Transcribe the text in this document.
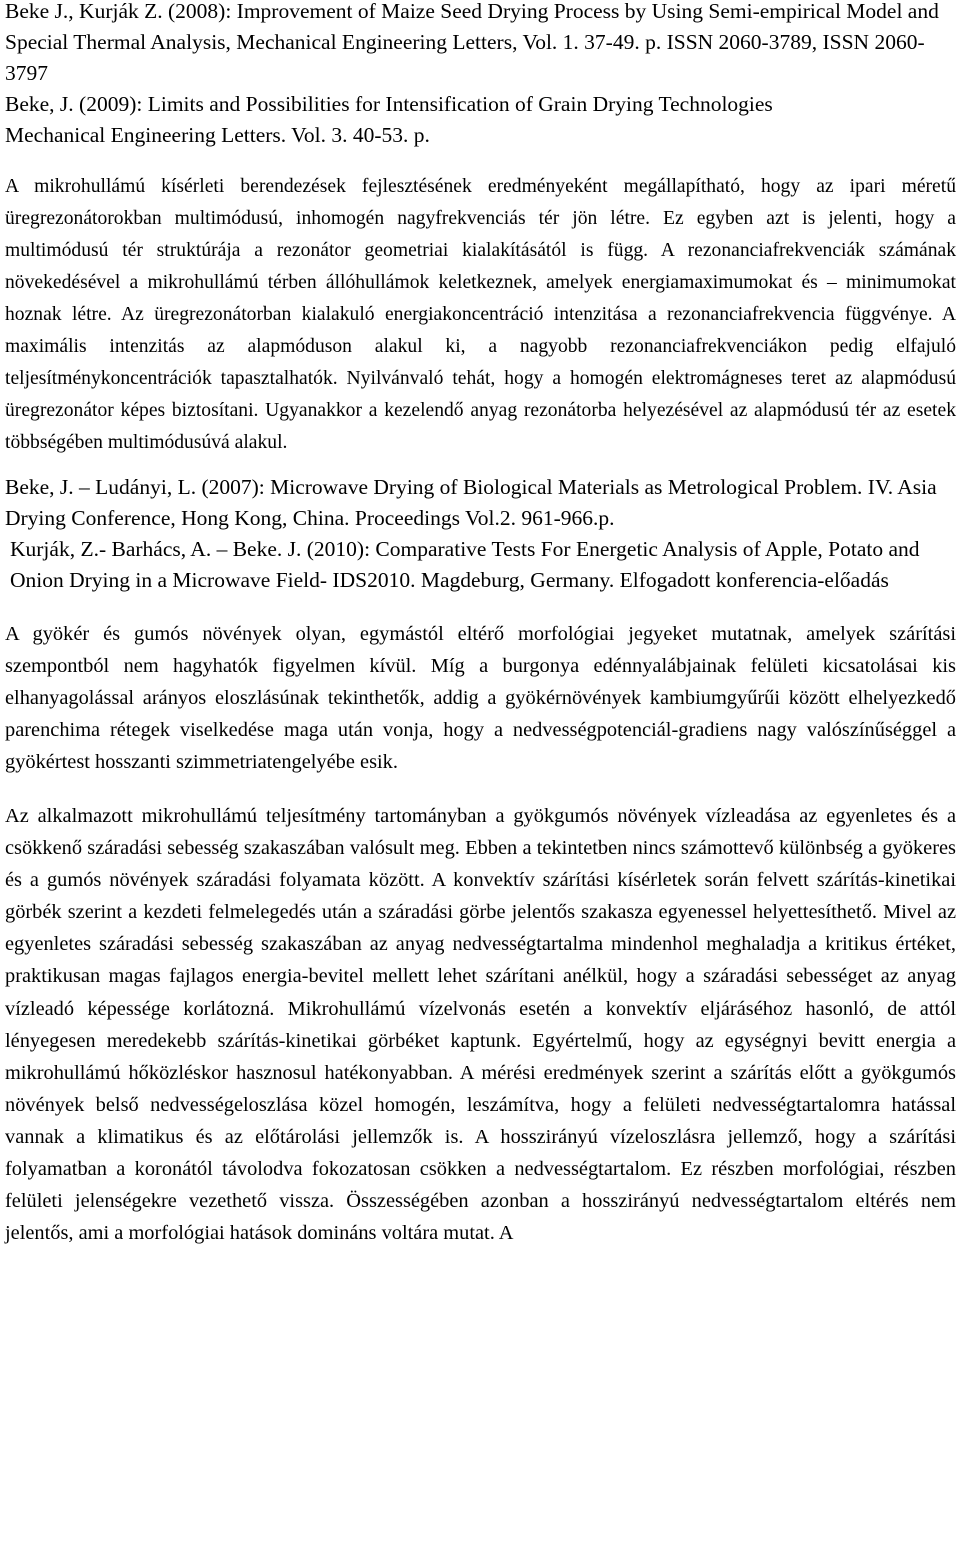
Beke J., Kurják Z. (2008): Improvement of Maize Seed Drying Process by Using Semi-empirical Model and Special Thermal Analysis, Mechanical Engineering Letters, Vol. 1. 37-49. p. ISSN 2060-3789, ISSN 2060-3797

Beke, J. (2009): Limits and Possibilities for Intensification of Grain Drying Technologies

Mechanical Engineering Letters. Vol. 3. 40-53. p.

A mikrohullámú kísérleti berendezések fejlesztésének eredményeként megállapítható, hogy az ipari méretű üregrezonátorokban multimódusú, inhomogén nagyfrekvenciás tér jön létre. Ez egyben azt is jelenti, hogy a multimódusú tér struktúrája a rezonátor geometriai kialakításától is függ. A rezonanciafrekvenciák számának növekedésével a mikrohullámú térben állóhullámok keletkeznek, amelyek energiamaximumokat és – minimumokat hoznak létre. Az üregrezonátorban kialakuló energiakoncentráció intenzitása a rezonanciafrekvencia függvénye. A maximális intenzitás az alapmóduson alakul ki, a nagyobb rezonanciafrekvenciákon pedig elfajuló teljesítménykoncentrációk tapasztalhatók. Nyilvánvaló tehát, hogy a homogén elektromágneses teret az alapmódusú üregrezonátor képes biztosítani. Ugyanakkor a kezelendő anyag rezonátorba helyezésével az alapmódusú tér az esetek többségében multimódusúvá alakul.

Beke, J. – Ludányi, L. (2007): Microwave Drying of Biological Materials as Metrological Problem. IV. Asia Drying Conference, Hong Kong, China. Proceedings Vol.2. 961-966.p.

Kurják, Z.- Barhács, A. – Beke. J. (2010): Comparative Tests For Energetic Analysis of Apple, Potato and Onion Drying in a Microwave Field- IDS2010. Magdeburg, Germany. Elfogadott konferencia-előadás

A gyökér és gumós növények olyan, egymástól eltérő morfológiai jegyeket mutatnak, amelyek szárítási szempontból nem hagyhatók figyelmen kívül. Míg a burgonya edénnyalábjainak felületi kicsatolásai kis elhanyagolással arányos eloszlásúnak tekinthetők, addig a gyökérnövények kambiumgyűrűi között elhelyezkedő parenchima rétegek viselkedése maga után vonja, hogy a nedvességpotenciál-gradiens nagy valószínűséggel a gyökértest hosszanti szimmetriatengelyébe esik.

Az alkalmazott mikrohullámú teljesítmény tartományban a gyökgumós növények vízleadása az egyenletes és a csökkenő száradási sebesség szakaszában valósult meg. Ebben a tekintetben nincs számottevő különbség a gyökeres és a gumós növények száradási folyamata között. A konvektív szárítási kísérletek során felvett szárítás-kinetikai görbék szerint a kezdeti felmelegedés után a száradási görbe jelentős szakasza egyenessel helyettesíthető. Mivel az egyenletes száradási sebesség szakaszában az anyag nedvességtartalma mindenhol meghaladja a kritikus értéket, praktikusan magas fajlagos energia-bevitel mellett lehet szárítani anélkül, hogy a száradási sebességet az anyag vízleadó képessége korlátozná. Mikrohullámú vízelvonás esetén a konvektív eljáráséhoz hasonló, de attól lényegesen meredekebb szárítás-kinetikai görbéket kaptunk. Egyértelmű, hogy az egységnyi bevitt energia a mikrohullámú hőközléskor hasznosul hatékonyabban. A mérési eredmények szerint a szárítás előtt a gyökgumós növények belső nedvességeloszlása közel homogén, leszámítva, hogy a felületi nedvességtartalomra hatással vannak a klimatikus és az előtárolási jellemzők is. A hosszirányú vízeloszlásra jellemző, hogy a szárítási folyamatban a koronától távolodva fokozatosan csökken a nedvességtartalom. Ez részben morfológiai, részben felületi jelenségekre vezethető vissza. Összességében azonban a hosszirányú nedvességtartalom eltérés nem jelentős, ami a morfológiai hatások domináns voltára mutat. A
